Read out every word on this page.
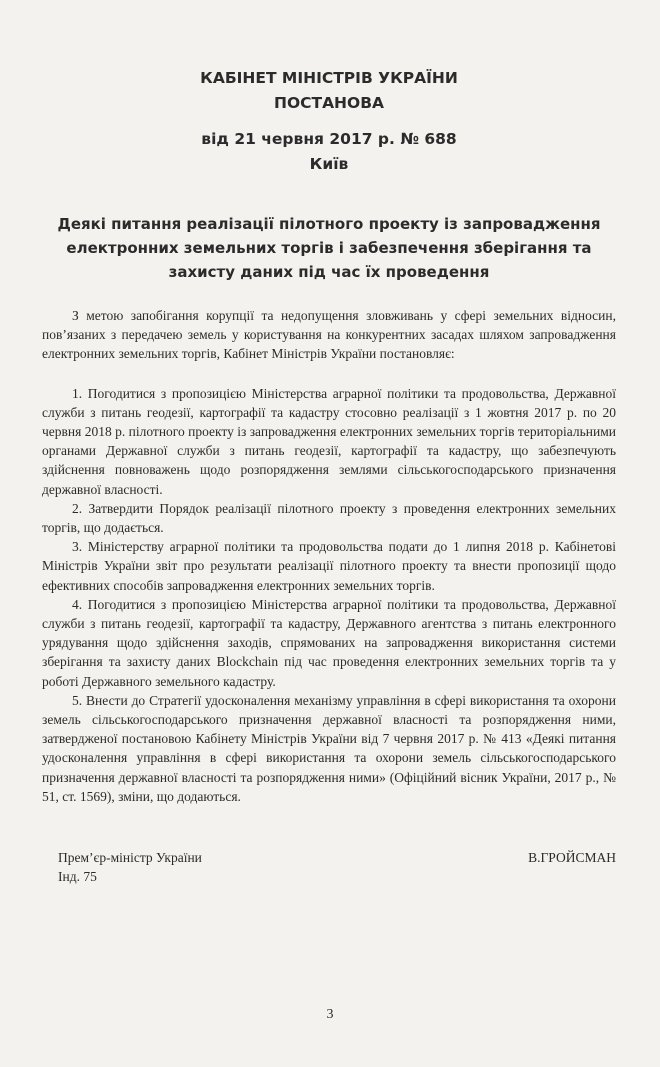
КАБІНЕТ МІНІСТРІВ УКРАЇНИ

ПОСТАНОВА

від 21 червня 2017 р. № 688

Київ

Деякі питання реалізації пілотного проекту із запровадження електронних земельних торгів і забезпечення зберігання та захисту даних під час їх проведення

З метою запобігання корупції та недопущення зловживань у сфері земельних відносин, пов’язаних з передачею земель у користування на конкурентних засадах шляхом запровадження електронних земельних торгів, Кабінет Міністрів України постановляє:

1. Погодитися з пропозицією Міністерства аграрної політики та продовольства, Державної служби з питань геодезії, картографії та кадастру стосовно реалізації з 1 жовтня 2017 р. по 20 червня 2018 р. пілотного проекту із запровадження електронних земельних торгів територіальними органами Державної служби з питань геодезії, картографії та кадастру, що забезпечують здійснення повноважень щодо розпорядження землями сільськогосподарського призначення державної власності.

2. Затвердити Порядок реалізації пілотного проекту з проведення електронних земельних торгів, що додається.

3. Міністерству аграрної політики та продовольства подати до 1 липня 2018 р. Кабінетові Міністрів України звіт про результати реалізації пілотного проекту та внести пропозиції щодо ефективних способів запровадження електронних земельних торгів.

4. Погодитися з пропозицією Міністерства аграрної політики та продовольства, Державної служби з питань геодезії, картографії та кадастру, Державного агентства з питань електронного урядування щодо здійснення заходів, спрямованих на запровадження використання системи зберігання та захисту даних Blockchain під час проведення електронних земельних торгів та у роботі Державного земельного кадастру.

5. Внести до Стратегії удосконалення механізму управління в сфері використання та охорони земель сільськогосподарського призначення державної власності та розпорядження ними, затвердженої постановою Кабінету Міністрів України від 7 червня 2017 р. № 413 «Деякі питання удосконалення управління в сфері використання та охорони земель сільськогосподарського призначення державної власності та розпорядження ними» (Офіційний вісник України, 2017 р., № 51, ст. 1569), зміни, що додаються.

Прем’єр-міністр України
Інд. 75
В.ГРОЙСМАН
3
